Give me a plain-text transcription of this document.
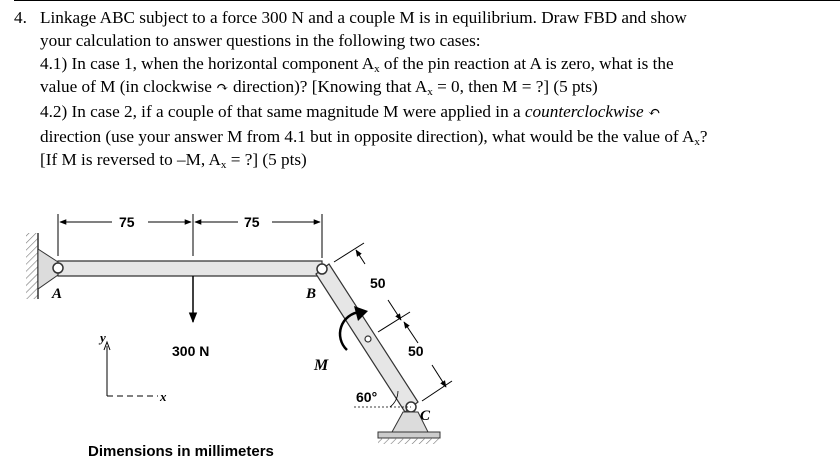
4. Linkage ABC subject to a force 300 N and a couple M is in equilibrium. Draw FBD and show
your calculation to answer questions in the following two cases:
4.1) In case 1, when the horizontal component $A_x$ of the pin reaction at A is zero, what is the
value of M (in clockwise ↷ direction)? [Knowing that $A_x = 0$, then M = ?] (5 pts)
4.2) In case 2, if a couple of that same magnitude M were applied in a counterclockwise ↶
direction (use your answer M from 4.1 but in opposite direction), what would be the value of $A_x$?
[If M is reversed to –M, $A_x$ = ?] (5 pts)
300 N
75	75
50
50
M
60°
A	B
C
y
x
Dimensions in millimeters
